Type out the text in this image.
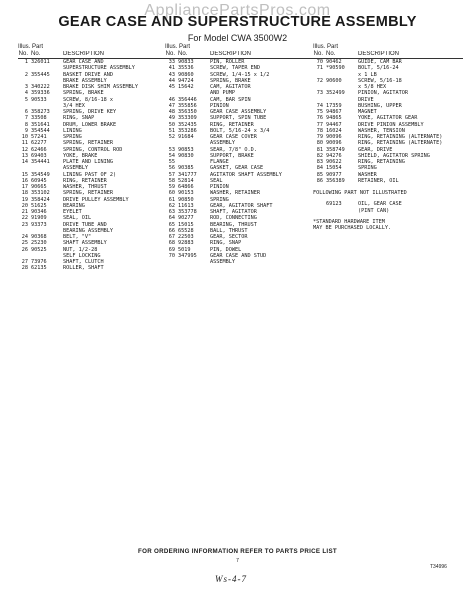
AppliancePartsPros.com
GEAR CASE AND SUPERSTRUCTURE ASSEMBLY
For Model CWA 3500W2
Illus. Part
No. No.	DESCRIPTION
1 326011	GEAR CASE AND
SUPERSTRUCTURE ASSEMBLY
2 355445	BASKET DRIVE AND
BRAKE ASSEMBLY
3 340222	BRAKE DISK SHIM ASSEMBLY
4 359336	SPRING, BRAKE
5 90533	SCREW, 8/16-18 x
3/4 HEX
6 358273	SPRING, DRIVE KEY
7 33508	RING, SNAP
8 351641	DRUM, LOWER BRAKE
9 354544	LINING
10 57241	SPRING
11 62277	SPRING, RETAINER
12 62466	SPRING, CONTROL ROD
13 69403	YOKE, BRAKE
14 354441	PLATE AND LINING
ASSEMBLY
15 354549	LINING PAST OF 2)
16 60945	RING, RETAINER
17 90665	WASHER, THRUST
18 353102	SPRING, RETAINER
19 358424	DRIVE PULLEY ASSEMBLY
20 51625	BEARING
21 90346	EYELET
22 91909	SEAL, OIL
23 93373	DRIVE TUBE AND
BEARING ASSEMBLY
24 90368	BELT, "V"
25 25230	SHAFT ASSEMBLY
26 90525	NUT, 1/2-28
SELF LOCKING
27 73976	SHAFT, CLUTCH
28 62135	ROLLER, SHAFT
Illus. Part
No. No.	DESCRIPTION
33 90833	PIN, ROLLER
41 35536	SCREW, TAPER END
43 90860	SCREW, 1/4-15 x 1/2
44 94724	SPRING, BRAKE
45 15642	CAM, AGITATOR
AND PUMP
46 356446	CAM, BAR SPIN
47 355856	PINION
48 356350	GEAR CASE ASSEMBLY
49 353309	SUPPORT, SPIN TUBE
50 352435	RING, RETAINER
51 353286	BOLT, 5/16-24 x 3/4
52 91684	GEAR CASE COVER
ASSEMBLY
53 90853	SEAR, 7/8" O.D.
54 90830	SUPPORT, BRAKE
55	FLANGE
56 90385	GASKET, GEAR CASE
57 341777	AGITATOR SHAFT ASSEMBLY
58 52814	SEAL
59 64866	PINION
60 90153	WASHER, RETAINER
61 90850	SPRING
62 11613	GEAR, AGITATOR SHAFT
63 353778	SHAFT, AGITATOR
64 90277	ROD, CONNECTING
65 15015	BEARING, THRUST
66 65528	BALL, THRUST
67 22503	GEAR, SECTOR
68 92883	RING, SNAP
69 5019	PIN, DOWEL
70 347995	GEAR CASE AND STUD
ASSEMBLY
Illus. Part
No. No.	DESCRIPTION
70 90462	GUIDE, CAM BAR
71 *90590	BOLT, 5/16-24
x 1 LB
72 90600	SCREW, 5/16-18
x 5/8 HEX
73 352499	PINION, AGITATOR
DRIVE
74 17359	BUSHING, UPPER
75 94867	MAGNET
76 94865	YOKE, AGITATOR GEAR
77 94467	DRIVE PINION ASSEMBLY
78 16024	WASHER, TENSION
79 90096	RING, RETAINING (ALTERNATE)
80 90096	RING, RETAINING (ALTERNATE)
81 358749	GEAR, DRIVE
82 94276	SHIELD, AGITATOR SPRING
83 90622	RING, RETAINING
84 15054	SPRING
85 90977	WASHER
86 356389	RETAINER, OIL
FOLLOWING PART NOT ILLUSTRATED
69123	OIL, GEAR CASE
(PINT CAN)
*STANDARD HARDWARE ITEM
MAY BE PURCHASED LOCALLY.
FOR ORDERING INFORMATION REFER TO PARTS PRICE LIST
7
T34996
Ws-4-7
